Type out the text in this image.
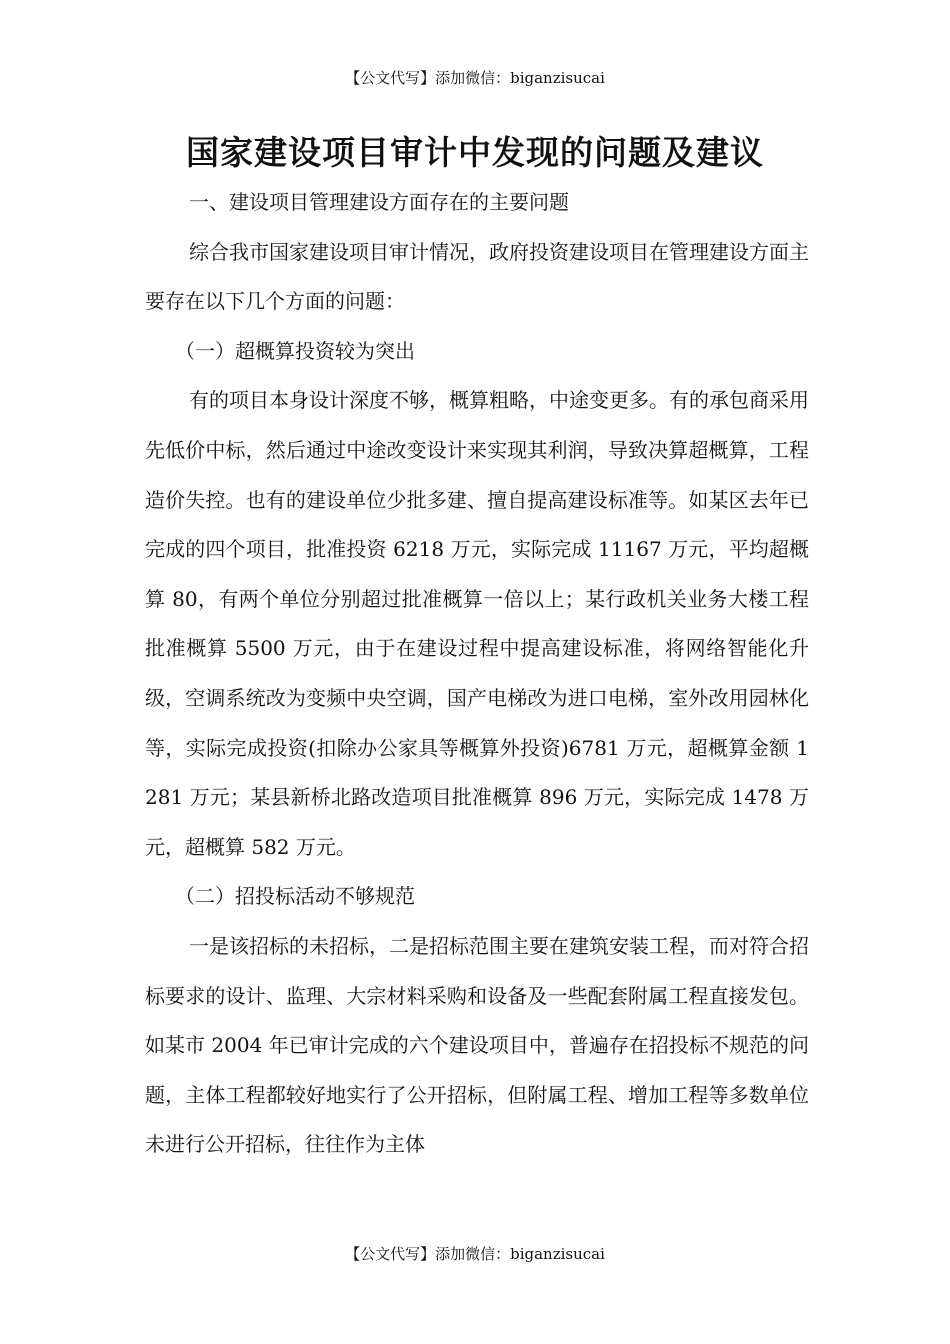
【公文代写】添加微信：biganzisucai
国家建设项目审计中发现的问题及建议

一、建设项目管理建设方面存在的主要问题

综合我市国家建设项目审计情况，政府投资建设项目在管理建设方面主要存在以下几个方面的问题：

（一）超概算投资较为突出

有的项目本身设计深度不够，概算粗略，中途变更多。有的承包商采用先低价中标，然后通过中途改变设计来实现其利润，导致决算超概算，工程造价失控。也有的建设单位少批多建、擅自提高建设标准等。如某区去年已完成的四个项目，批准投资 6218 万元，实际完成 11167 万元，平均超概算 80，有两个单位分别超过批准概算一倍以上；某行政机关业务大楼工程批准概算 5500 万元，由于在建设过程中提高建设标准，将网络智能化升级，空调系统改为变频中央空调，国产电梯改为进口电梯，室外改用园林化等，实际完成投资(扣除办公家具等概算外投资)6781 万元，超概算金额 1281 万元；某县新桥北路改造项目批准概算 896 万元，实际完成 1478 万元，超概算 582 万元。

（二）招投标活动不够规范

一是该招标的未招标，二是招标范围主要在建筑安装工程，而对符合招标要求的设计、监理、大宗材料采购和设备及一些配套附属工程直接发包。如某市 2004 年已审计完成的六个建设项目中，普遍存在招投标不规范的问题，主体工程都较好地实行了公开招标，但附属工程、增加工程等多数单位未进行公开招标，往往作为主体

【公文代写】添加微信：biganzisucai
